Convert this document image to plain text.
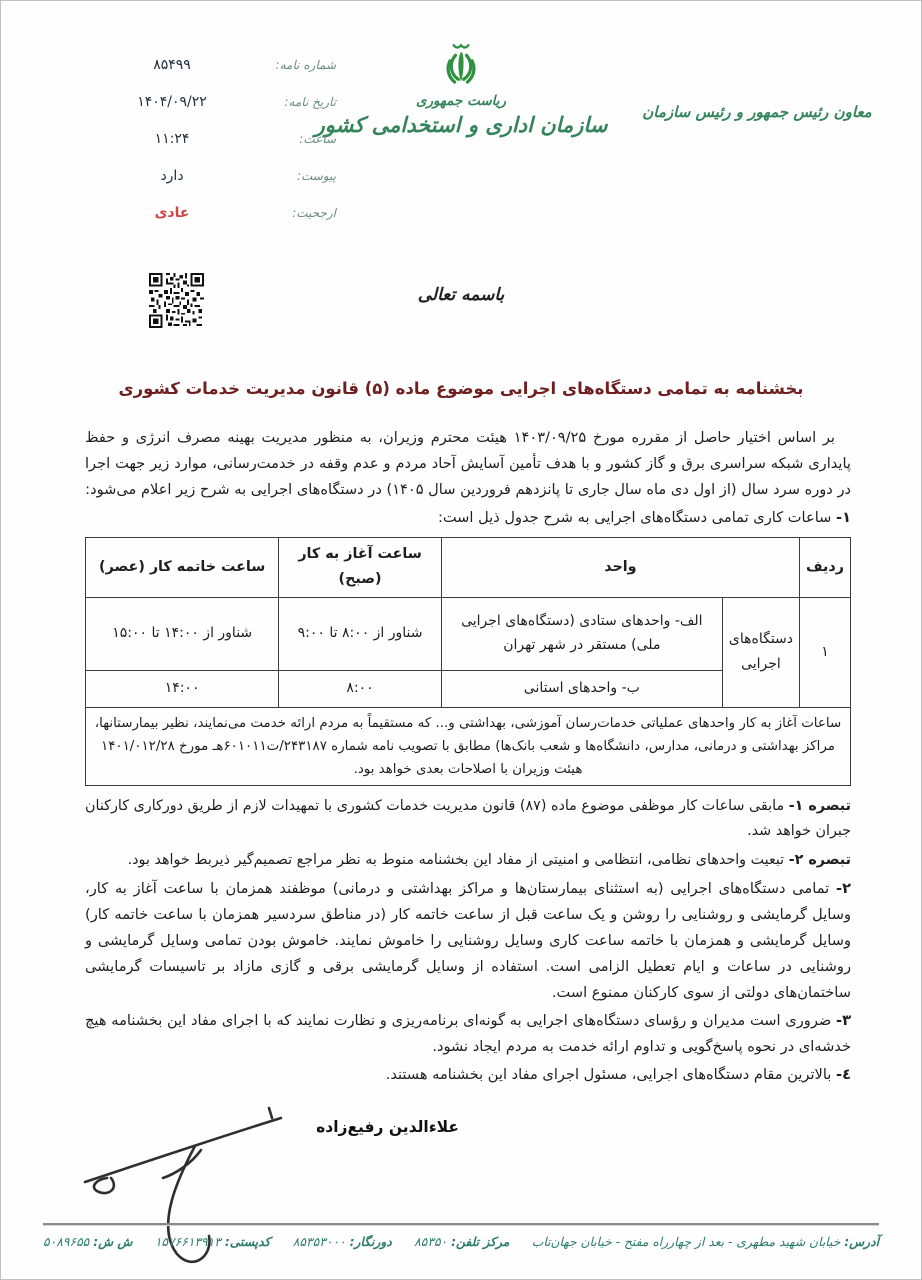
معاون رئیس جمهور و رئیس سازمان
ریاست جمهوری
سازمان اداری و استخدامی کشور
شماره نامه:
۸۵۴۹۹
تاریخ نامه:
۱۴۰۴/۰۹/۲۲
ساعت:
۱۱:۲۴
پیوست:
دارد
ارجحیت:
عادی
باسمه تعالی
بخشنامه به تمامی دستگاه‌های اجرایی موضوع ماده (۵) قانون مدیریت خدمات کشوری

بر اساس اختیار حاصل از مقرره مورخ ۱۴۰۳/۰۹/۲۵ هیئت محترم وزیران، به منظور مدیریت بهینه مصرف انرژی و حفظ پایداری شبکه سراسری برق و گاز کشور و با هدف تأمین آسایش آحاد مردم و عدم وقفه در خدمت‌رسانی، موارد زیر جهت اجرا در دوره سرد سال (از اول دی ماه سال جاری تا پانزدهم فروردین سال ۱۴۰۵) در دستگاه‌های اجرایی به شرح زیر اعلام می‌شود:

۱- ساعات کاری تمامی دستگاه‌های اجرایی به شرح جدول ذیل است:

ردیف	واحد		ساعت آغاز به کار (صبح)	ساعت خاتمه کار (عصر)
۱	دستگاه‌های اجرایی	الف- واحدهای ستادی (دستگاه‌های اجرایی ملی) مستقر در شهر تهران	شناور از ۸:۰۰ تا ۹:۰۰	شناور از ۱۴:۰۰ تا ۱۵:۰۰
		ب- واحدهای استانی	۸:۰۰	۱۴:۰۰
ساعات آغاز به کار واحدهای عملیاتی خدمات‌رسان آموزشی، بهداشتی و... که مستقیماً به مردم ارائه خدمت می‌نمایند، نظیر بیمارستانها، مراکز بهداشتی و درمانی، مدارس، دانشگاه‌ها و شعب بانک‌ها) مطابق با تصویب نامه شماره ۲۴۳۱۸۷/ت۶۰۱۰۱۱هـ مورخ ۱۴۰۱/۰۱۲/۲۸ هیئت وزیران با اصلاحات بعدی خواهد بود.				

تبصره ۱- مابقی ساعات کار موظفی موضوع ماده (۸۷) قانون مدیریت خدمات کشوری با تمهیدات لازم از طریق دورکاری کارکنان جبران خواهد شد.

تبصره ۲- تبعیت واحدهای نظامی، انتظامی و امنیتی از مفاد این بخشنامه منوط به نظر مراجع تصمیم‌گیر ذیربط خواهد بود.

۲- تمامی دستگاه‌های اجرایی (به استثنای بیمارستان‌ها و مراکز بهداشتی و درمانی) موظفند همزمان با ساعت آغاز به کار، وسایل گرمایشی و روشنایی را روشن و یک ساعت قبل از ساعت خاتمه کار (در مناطق سردسیر همزمان با ساعت خاتمه کار) وسایل گرمایشی و همزمان با خاتمه ساعت کاری وسایل روشنایی را خاموش نمایند. خاموش بودن تمامی وسایل گرمایشی و روشنایی در ساعات و ایام تعطیل الزامی است. استفاده از وسایل گرمایشی برقی و گازی مازاد بر تاسیسات گرمایشی ساختمان‌های دولتی از سوی کارکنان ممنوع است.

۳- ضروری است مدیران و رؤسای دستگاه‌های اجرایی به گونه‌ای برنامه‌ریزی و نظارت نمایند که با اجرای مفاد این بخشنامه هیچ خدشه‌ای در نحوه پاسخ‌گویی و تداوم ارائه خدمت به مردم ایجاد نشود.

٤- بالاترین مقام دستگاه‌های اجرایی، مسئول اجرای مفاد این بخشنامه هستند.

علاءالدین رفیع‌زاده
آدرس: خیابان شهید مطهری - بعد از چهارراه مفتح - خیابان جهان‌تاب
مرکز تلفن: ۸۵۳۵۰
دورنگار: ۸۵۳۵۳۰۰۰
کدپستی: ۱۵۷۶۶۱۳۹۱۳
ش ش: ۵۰۸۹۶۵۵
